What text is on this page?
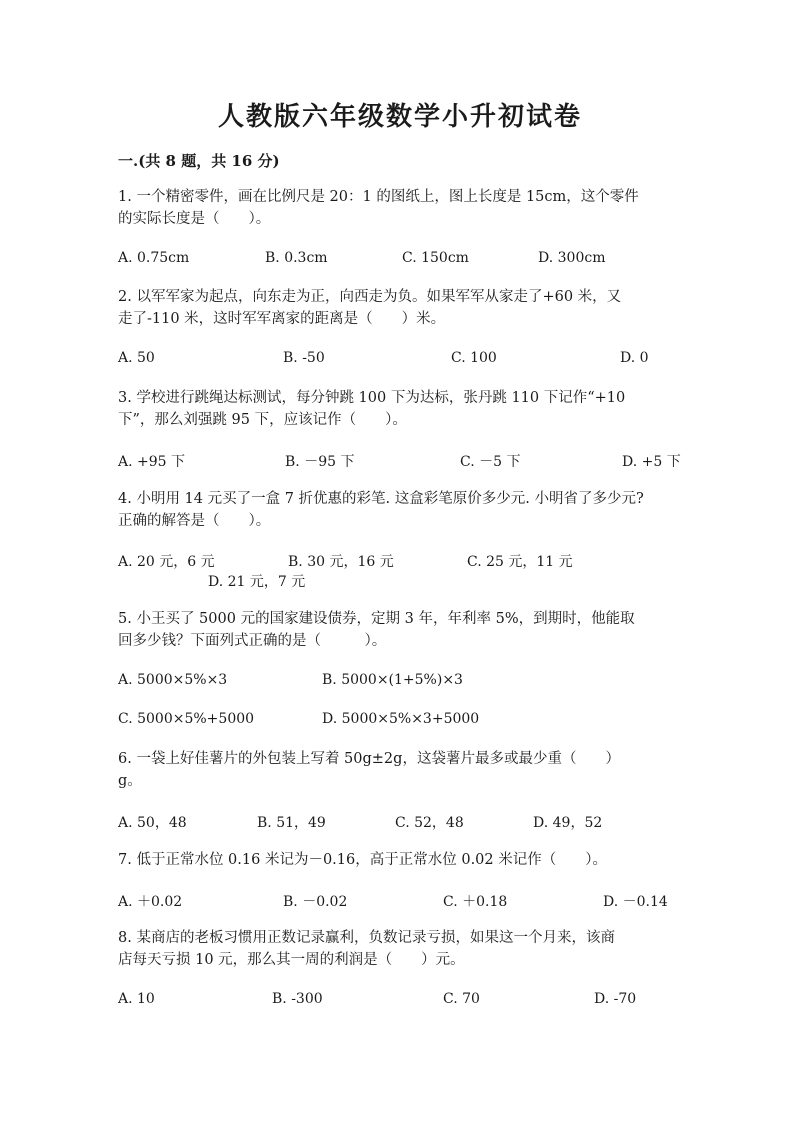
人教版六年级数学小升初试卷
一.(共 8 题，共 16 分)
1. 一个精密零件，画在比例尺是 20：1 的图纸上，图上长度是 15cm，这个零件
的实际长度是（　　）。
A. 0.75cm	B. 0.3cm	C. 150cm	D. 300cm
2. 以军军家为起点，向东走为正，向西走为负。如果军军从家走了+60 米，又
走了-110 米，这时军军离家的距离是（　　）米。
A. 50	B. -50	C. 100	D. 0
3. 学校进行跳绳达标测试，每分钟跳 100 下为达标，张丹跳 110 下记作“+10
下”，那么刘强跳 95 下，应该记作（　　）。
A. +95 下	B. －95 下	C. －5 下	D. +5 下
4. 小明用 14 元买了一盒 7 折优惠的彩笔. 这盒彩笔原价多少元. 小明省了多少元?
正确的解答是（　　）。
A. 20 元，6 元	B. 30 元，16 元	C. 25 元，11 元
D. 21 元，7 元
5. 小王买了 5000 元的国家建设债券，定期 3 年，年利率 5%，到期时，他能取
回多少钱？下面列式正确的是（　　　）。
A. 5000×5%×3	B. 5000×(1+5%)×3
C. 5000×5%+5000	D. 5000×5%×3+5000
6. 一袋上好佳薯片的外包装上写着 50g±2g，这袋薯片最多或最少重（　　）
g。
A. 50，48	B. 51，49	C. 52，48	D. 49，52
7. 低于正常水位 0.16 米记为－0.16，高于正常水位 0.02 米记作（　　）。
A. ＋0.02	B. －0.02	C. ＋0.18	D. －0.14
8. 某商店的老板习惯用正数记录赢利，负数记录亏损，如果这一个月来，该商
店每天亏损 10 元，那么其一周的利润是（　　）元。
A. 10	B. -300	C. 70	D. -70
